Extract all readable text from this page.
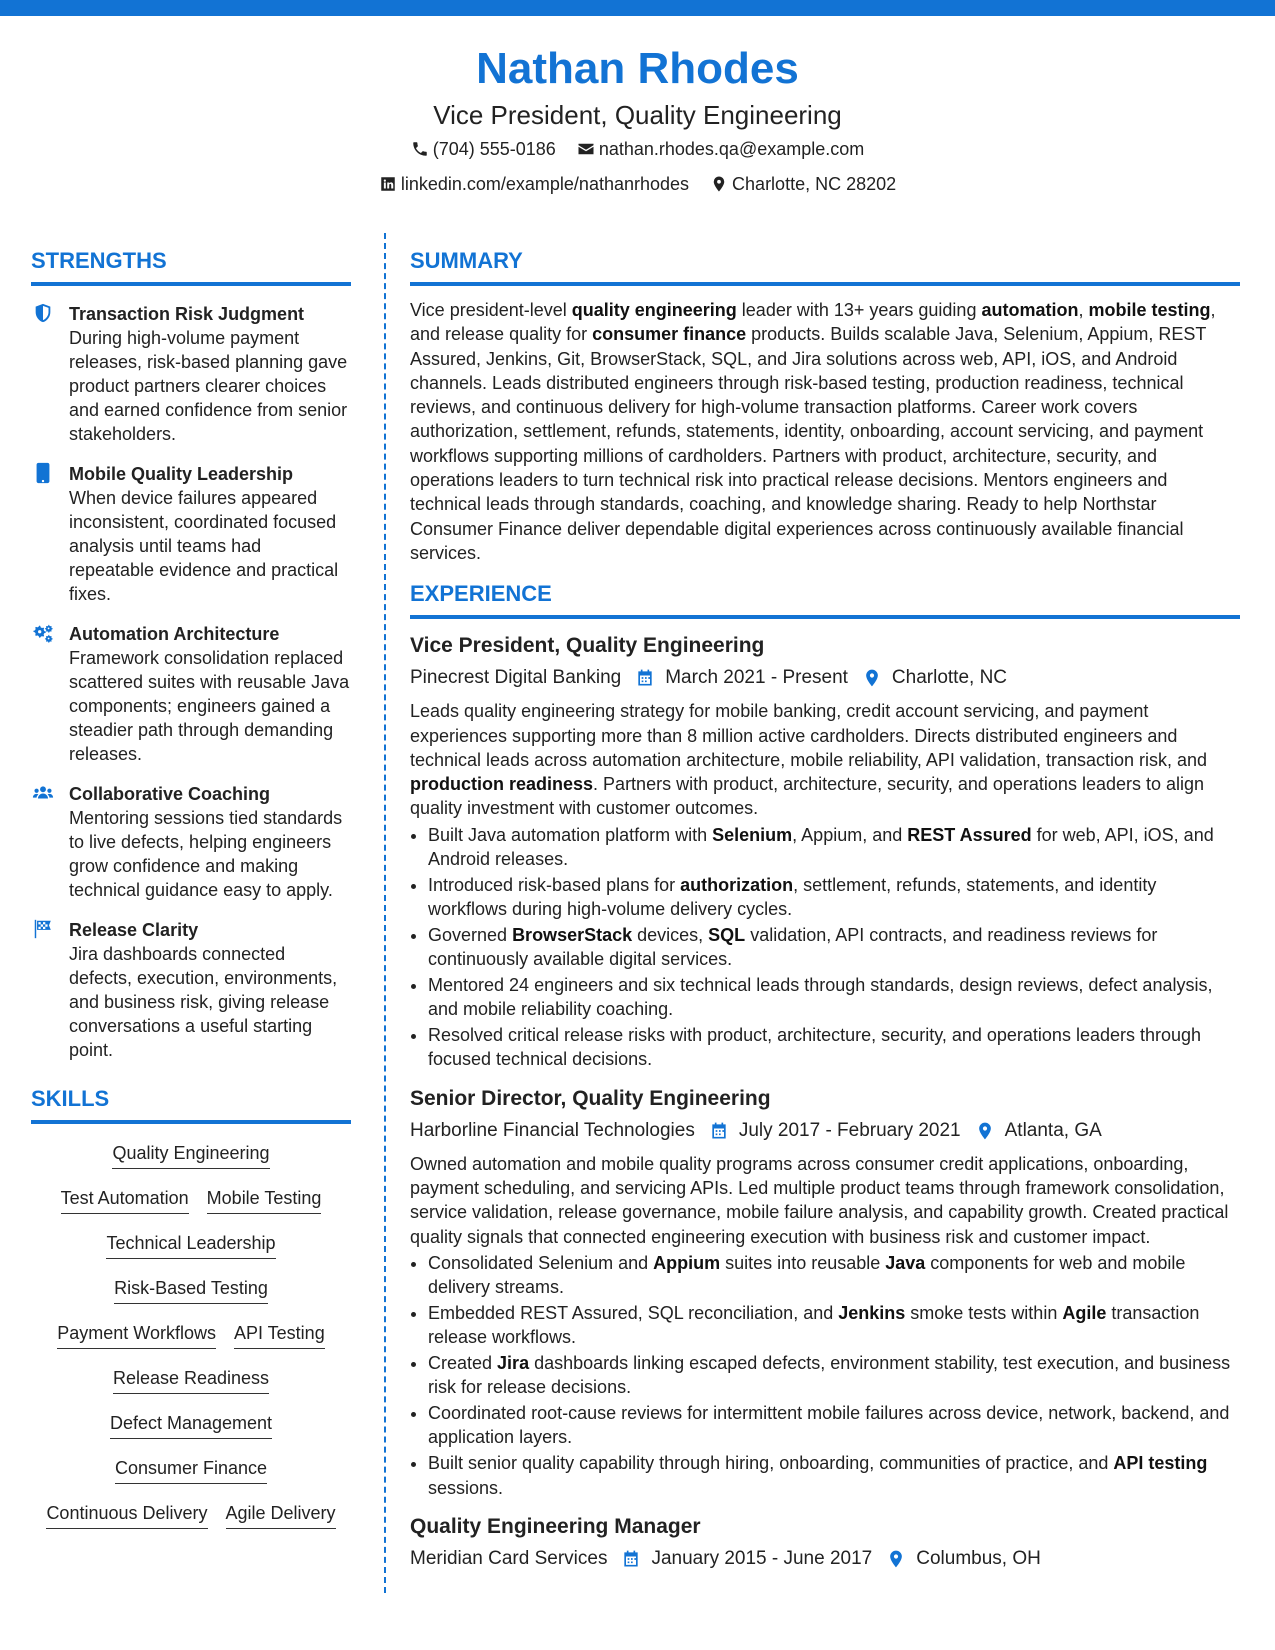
Nathan Rhodes
Vice President, Quality Engineering
(704) 555-0186
nathan.rhodes.qa@example.com
linkedin.com/example/nathanrhodes
Charlotte, NC 28202
STRENGTHS
Transaction Risk Judgment
During high-volume payment releases, risk-based planning gave product partners clearer choices and earned confidence from senior stakeholders.
Mobile Quality Leadership
When device failures appeared inconsistent, coordinated focused analysis until teams had repeatable evidence and practical fixes.
Automation Architecture
Framework consolidation replaced scattered suites with reusable Java components; engineers gained a steadier path through demanding releases.
Collaborative Coaching
Mentoring sessions tied standards to live defects, helping engineers grow confidence and making technical guidance easy to apply.
Release Clarity
Jira dashboards connected defects, execution, environments, and business risk, giving release conversations a useful starting point.
SKILLS
Quality Engineering
Test Automation Mobile Testing
Technical Leadership
Risk-Based Testing
Payment Workflows API Testing
Release Readiness
Defect Management
Consumer Finance
Continuous Delivery Agile Delivery
SUMMARY
Vice president-level quality engineering leader with 13+ years guiding automation, mobile testing, and release quality for consumer finance products. Builds scalable Java, Selenium, Appium, REST Assured, Jenkins, Git, BrowserStack, SQL, and Jira solutions across web, API, iOS, and Android channels. Leads distributed engineers through risk-based testing, production readiness, technical reviews, and continuous delivery for high-volume transaction platforms. Career work covers authorization, settlement, refunds, statements, identity, onboarding, account servicing, and payment workflows supporting millions of cardholders. Partners with product, architecture, security, and operations leaders to turn technical risk into practical release decisions. Mentors engineers and technical leads through standards, coaching, and knowledge sharing. Ready to help Northstar Consumer Finance deliver dependable digital experiences across continuously available financial services.
EXPERIENCE
Vice President, Quality Engineering
Pinecrest Digital Banking March 2021 - Present Charlotte, NC
Leads quality engineering strategy for mobile banking, credit account servicing, and payment experiences supporting more than 8 million active cardholders. Directs distributed engineers and technical leads across automation architecture, mobile reliability, API validation, transaction risk, and production readiness. Partners with product, architecture, security, and operations leaders to align quality investment with customer outcomes.
• Built Java automation platform with Selenium, Appium, and REST Assured for web, API, iOS, and Android releases.
• Introduced risk-based plans for authorization, settlement, refunds, statements, and identity workflows during high-volume delivery cycles.
• Governed BrowserStack devices, SQL validation, API contracts, and readiness reviews for continuously available digital services.
• Mentored 24 engineers and six technical leads through standards, design reviews, defect analysis, and mobile reliability coaching.
• Resolved critical release risks with product, architecture, security, and operations leaders through focused technical decisions.
Senior Director, Quality Engineering
Harborline Financial Technologies July 2017 - February 2021 Atlanta, GA
Owned automation and mobile quality programs across consumer credit applications, onboarding, payment scheduling, and servicing APIs. Led multiple product teams through framework consolidation, service validation, release governance, mobile failure analysis, and capability growth. Created practical quality signals that connected engineering execution with business risk and customer impact.
• Consolidated Selenium and Appium suites into reusable Java components for web and mobile delivery streams.
• Embedded REST Assured, SQL reconciliation, and Jenkins smoke tests within Agile transaction release workflows.
• Created Jira dashboards linking escaped defects, environment stability, test execution, and business risk for release decisions.
• Coordinated root-cause reviews for intermittent mobile failures across device, network, backend, and application layers.
• Built senior quality capability through hiring, onboarding, communities of practice, and API testing sessions.
Quality Engineering Manager
Meridian Card Services January 2015 - June 2017 Columbus, OH
